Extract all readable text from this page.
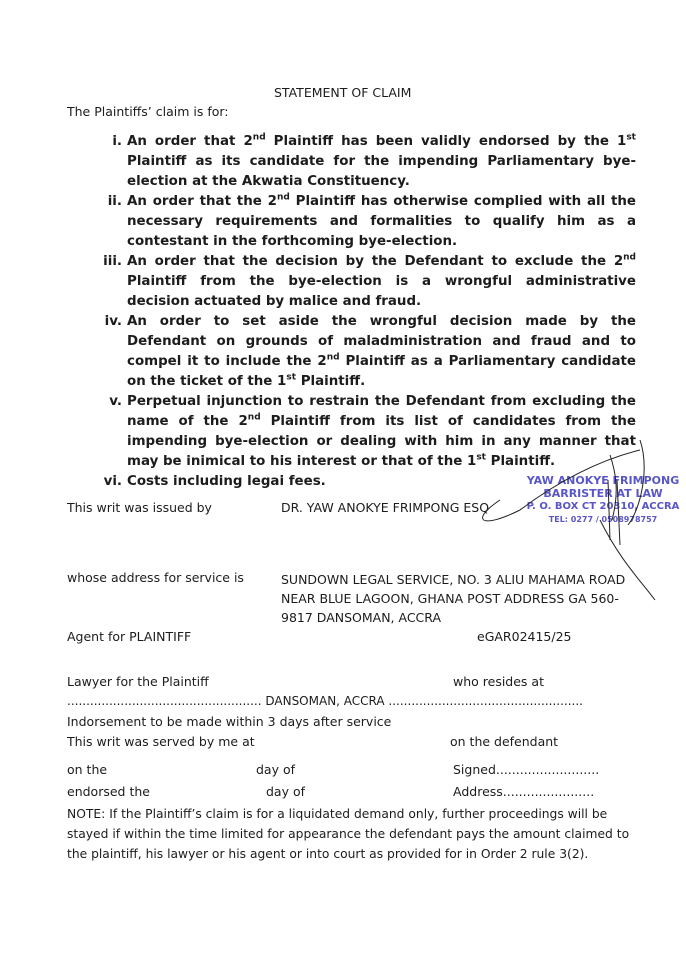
STATEMENT OF CLAIM
The Plaintiffs’ claim is for:
i. An order that 2nd Plaintiff has been validly endorsed by the 1st Plaintiff as its candidate for the impending Parliamentary bye-election at the Akwatia Constituency.
ii. An order that the 2nd Plaintiff has otherwise complied with all the necessary requirements and formalities to qualify him as a contestant in the forthcoming bye-election.
iii. An order that the decision by the Defendant to exclude the 2nd Plaintiff from the bye-election is a wrongful administrative decision actuated by malice and fraud.
iv. An order to set aside the wrongful decision made by the Defendant on grounds of maladministration and fraud and to compel it to include the 2nd Plaintiff as a Parliamentary candidate on the ticket of the 1st Plaintiff.
v. Perpetual injunction to restrain the Defendant from excluding the name of the 2nd Plaintiff from its list of candidates from the impending bye-election or dealing with him in any manner that may be inimical to his interest or that of the 1st Plaintiff.
vi. Costs including legai fees.
This writ was issued by	DR. YAW ANOKYE FRIMPONG ESQ
YAW ANOKYE FRIMPONG
BARRISTER AT LAW
P. O. BOX CT 20310, ACCRA
TEL: 0277 / 0508978757
whose address for service is	SUNDOWN LEGAL SERVICE, NO. 3 ALIU MAHAMA ROAD
NEAR BLUE LAGOON, GHANA POST ADDRESS GA 560-
9817 DANSOMAN, ACCRA
Agent for PLAINTIFF	eGAR02415/25
Lawyer for the Plaintiff	who resides at
................................................... DANSOMAN, ACCRA ...................................................
Indorsement to be made within 3 days after service
This writ was served by me at	on the defendant
on the	day of	Signed..........................
endorsed the	day of	Address.......................
NOTE: If the Plaintiff’s claim is for a liquidated demand only, further proceedings will be
stayed if within the time limited for appearance the defendant pays the amount claimed to
the plaintiff, his lawyer or his agent or into court as provided for in Order 2 rule 3(2).
